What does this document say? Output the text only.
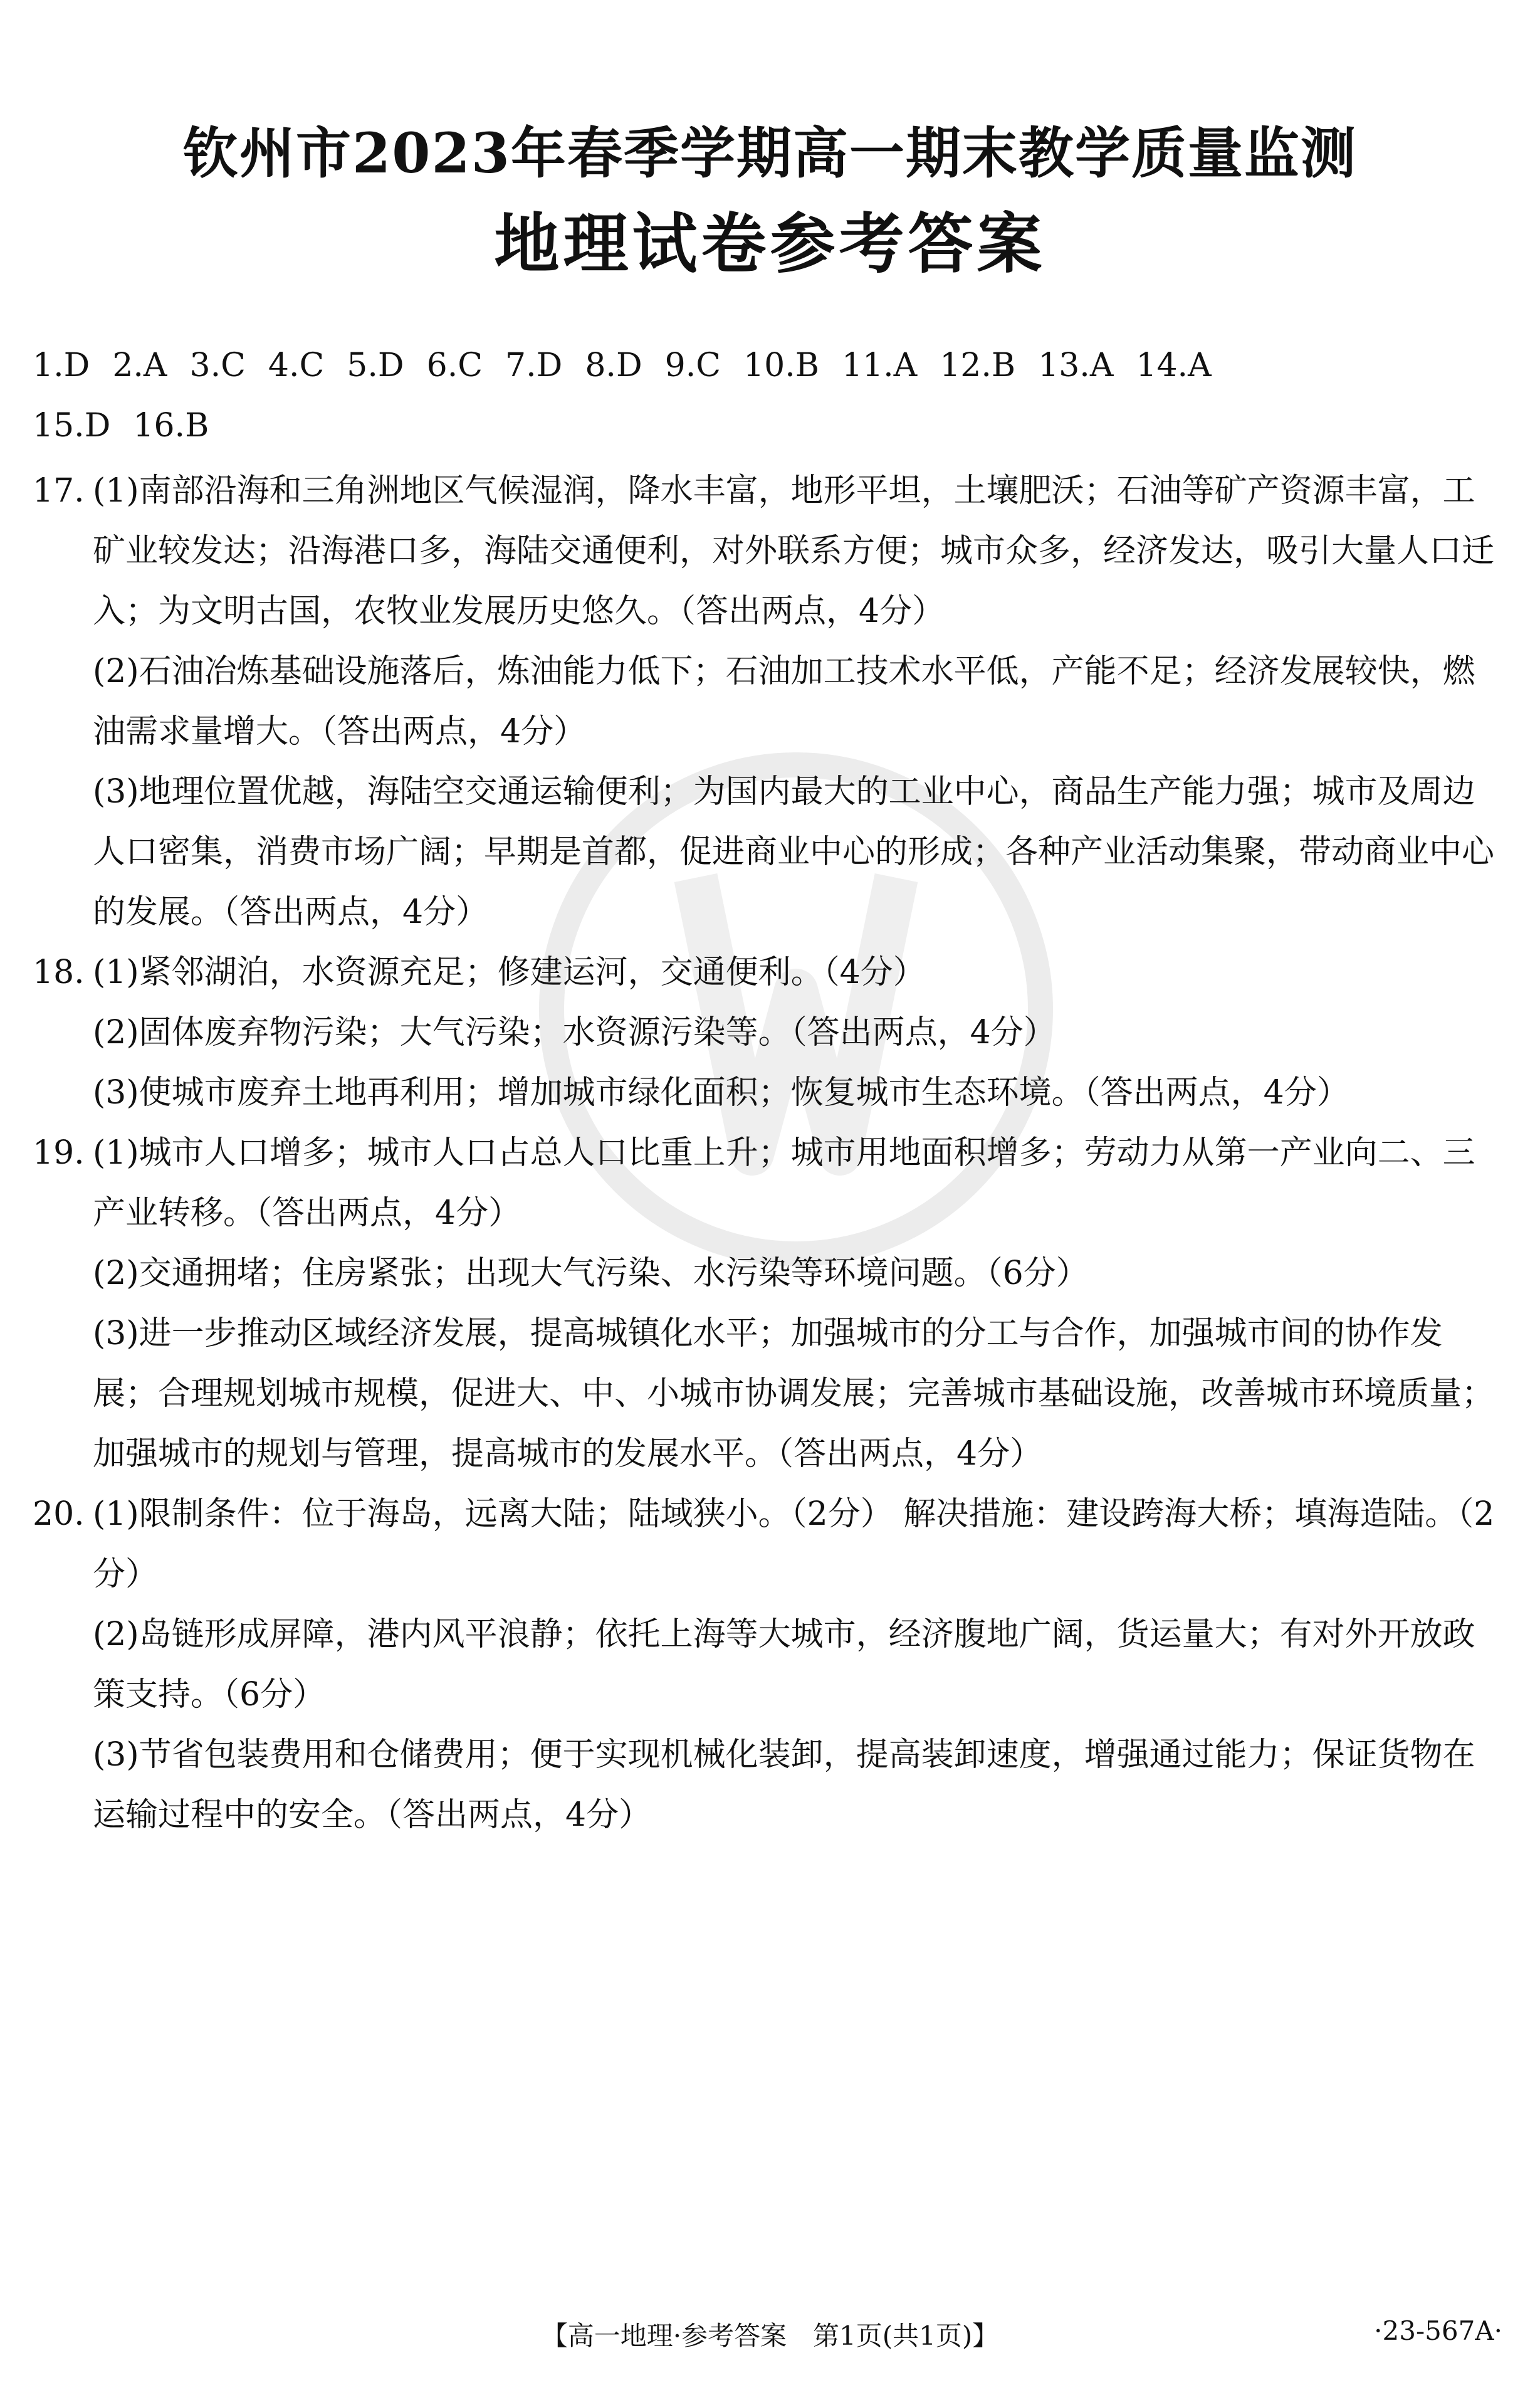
钦州市2023年春季学期高一期末教学质量监测
地理试卷参考答案
1.D 2.A 3.C 4.C 5.D 6.C 7.D 8.D 9.C 10.B 11.A 12.B 13.A 14.A
15.D 16.B
17. (1)南部沿海和三角洲地区气候湿润，降水丰富，地形平坦，土壤肥沃；石油等矿产资源丰富，工矿业较发达；沿海港口多，海陆交通便利，对外联系方便；城市众多，经济发达，吸引大量人口迁入；为文明古国，农牧业发展历史悠久。（答出两点，4分）
(2)石油冶炼基础设施落后，炼油能力低下；石油加工技术水平低，产能不足；经济发展较快，燃油需求量增大。（答出两点，4分）
(3)地理位置优越，海陆空交通运输便利；为国内最大的工业中心，商品生产能力强；城市及周边人口密集，消费市场广阔；早期是首都，促进商业中心的形成；各种产业活动集聚，带动商业中心的发展。（答出两点，4分）
18. (1)紧邻湖泊，水资源充足；修建运河，交通便利。（4分）
(2)固体废弃物污染；大气污染；水资源污染等。（答出两点，4分）
(3)使城市废弃土地再利用；增加城市绿化面积；恢复城市生态环境。（答出两点，4分）
19. (1)城市人口增多；城市人口占总人口比重上升；城市用地面积增多；劳动力从第一产业向二、三产业转移。（答出两点，4分）
(2)交通拥堵；住房紧张；出现大气污染、水污染等环境问题。（6分）
(3)进一步推动区域经济发展，提高城镇化水平；加强城市的分工与合作，加强城市间的协作发展；合理规划城市规模，促进大、中、小城市协调发展；完善城市基础设施，改善城市环境质量；加强城市的规划与管理，提高城市的发展水平。（答出两点，4分）
20. (1)限制条件：位于海岛，远离大陆；陆域狭小。（2分） 解决措施：建设跨海大桥；填海造陆。（2分）
(2)岛链形成屏障，港内风平浪静；依托上海等大城市，经济腹地广阔，货运量大；有对外开放政策支持。（6分）
(3)节省包装费用和仓储费用；便于实现机械化装卸，提高装卸速度，增强通过能力；保证货物在运输过程中的安全。（答出两点，4分）
【高一地理·参考答案　第1页(共1页)】	·23-567A·
